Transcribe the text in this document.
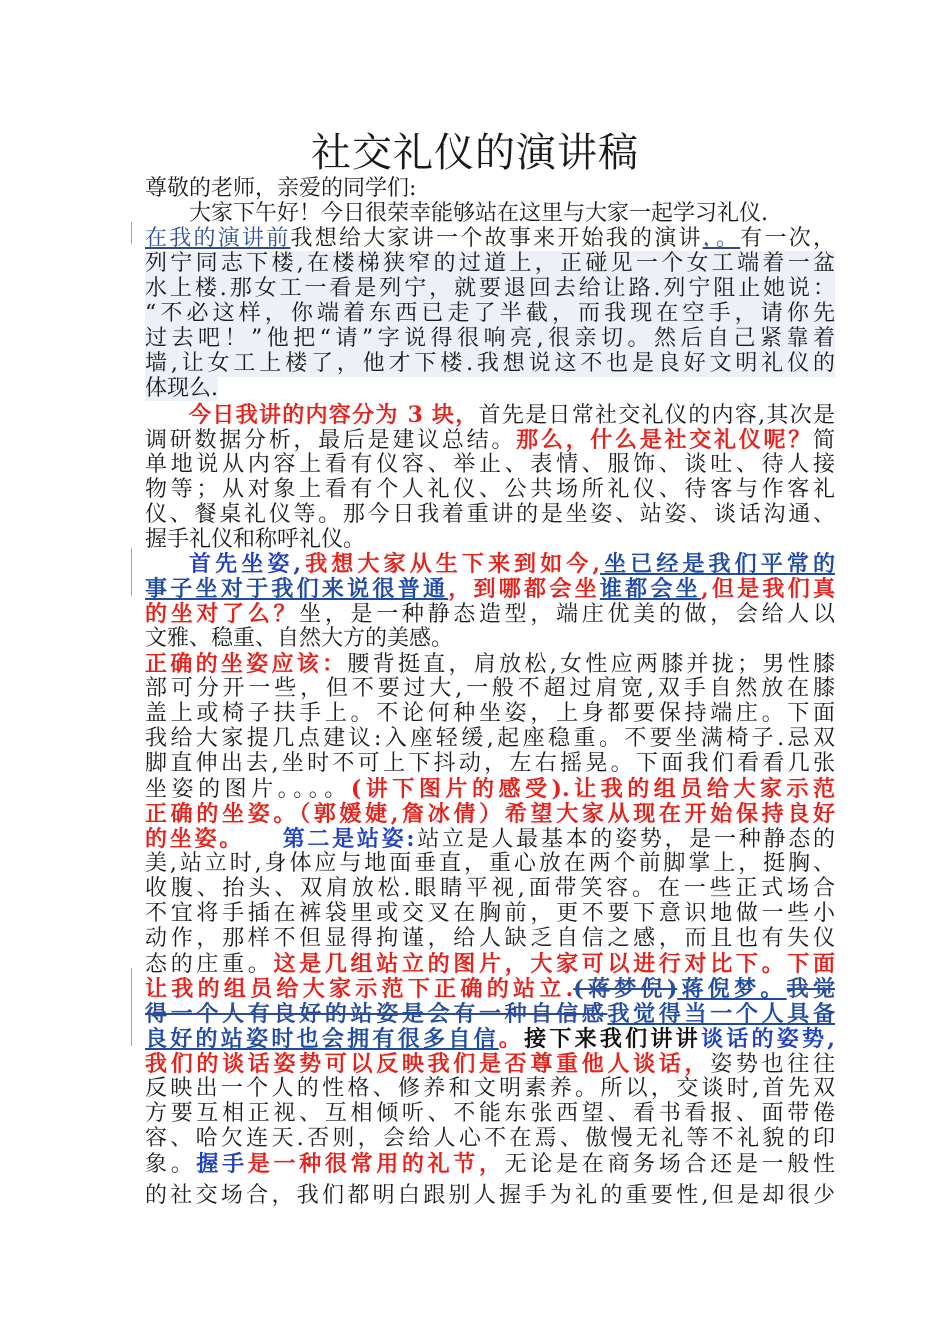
社交礼仪的演讲稿
尊敬的老师，亲爱的同学们:
大家下午好！今日很荣幸能够站在这里与大家一起学习礼仪.
在我的演讲前我想给大家讲一个故事来开始我的演讲，。有一次，
列宁同志下楼,在楼梯狭窄的过道上，正碰见一个女工端着一盆
水上楼.那女工一看是列宁，就要退回去给让路.列宁阻止她说：
“不必这样，你端着东西已走了半截，而我现在空手，请你先
过去吧！”他把“请”字说得很响亮,很亲切。然后自己紧靠着
墙,让女工上楼了，他才下楼.我想说这不也是良好文明礼仪的
体现么.
今日我讲的内容分为 3 块，首先是日常社交礼仪的内容,其次是
调研数据分析，最后是建议总结。那么，什么是社交礼仪呢？简
单地说从内容上看有仪容、举止、表情、服饰、谈吐、待人接
物等；从对象上看有个人礼仪、公共场所礼仪、待客与作客礼
仪、餐桌礼仪等。那今日我着重讲的是坐姿、站姿、谈话沟通、
握手礼仪和称呼礼仪。
首先坐姿,我想大家从生下来到如今,坐已经是我们平常的
事子坐对于我们来说很普通，到哪都会坐谁都会坐,但是我们真
的坐对了么？坐，是一种静态造型，端庄优美的做，会给人以
文雅、稳重、自然大方的美感。
正确的坐姿应该：腰背挺直，肩放松,女性应两膝并拢；男性膝
部可分开一些，但不要过大,一般不超过肩宽,双手自然放在膝
盖上或椅子扶手上。不论何种坐姿，上身都要保持端庄。下面
我给大家提几点建议:入座轻缓,起座稳重。不要坐满椅子.忌双
脚直伸出去,坐时不可上下抖动，左右摇晃。下面我们看看几张
坐姿的图片。。。。(讲下图片的感受).让我的组员给大家示范
正确的坐姿。（郭媛婕,詹冰倩）希望大家从现在开始保持良好
的坐姿。 第二是站姿:站立是人最基本的姿势，是一种静态的
美,站立时,身体应与地面垂直，重心放在两个前脚掌上，挺胸、
收腹、抬头、双肩放松.眼睛平视,面带笑容。在一些正式场合
不宜将手插在裤袋里或交叉在胸前，更不要下意识地做一些小
动作，那样不但显得拘谨，给人缺乏自信之感，而且也有失仪
态的庄重。这是几组站立的图片，大家可以进行对比下。下面
让我的组员给大家示范下正确的站立.(蒋梦倪)蒋倪梦。我觉
得一个人有良好的站姿是会有一种自信感我觉得当一个人具备
良好的站姿时也会拥有很多自信。接下来我们讲讲谈话的姿势,
我们的谈话姿势可以反映我们是否尊重他人谈话，姿势也往往
反映出一个人的性格、修养和文明素养。所以，交谈时,首先双
方要互相正视、互相倾听、不能东张西望、看书看报、面带倦
容、哈欠连天.否则，会给人心不在焉、傲慢无礼等不礼貌的印
象。握手是一种很常用的礼节，无论是在商务场合还是一般性
的社交场合，我们都明白跟别人握手为礼的重要性,但是却很少
